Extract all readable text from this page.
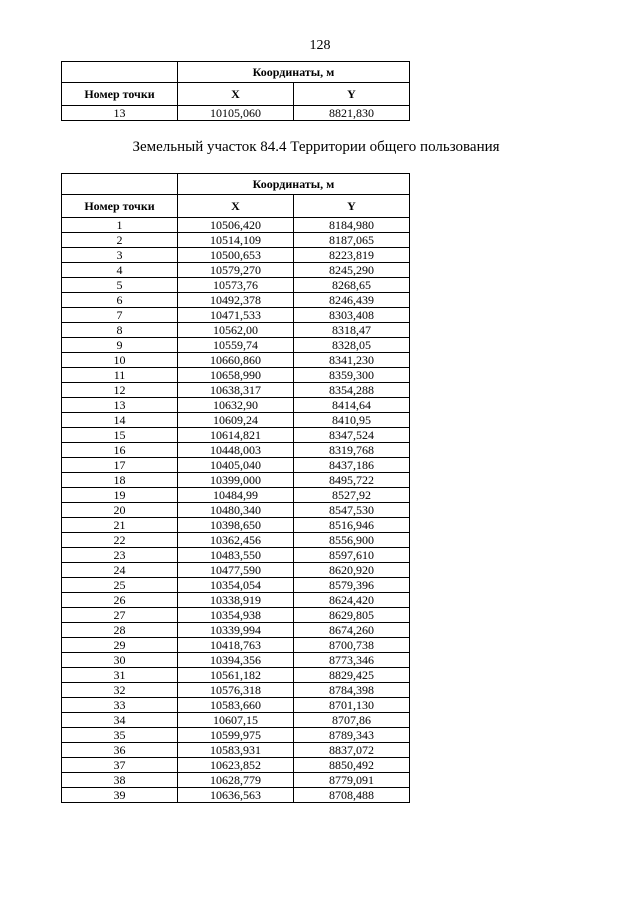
128
	Координаты, м	
Номер точки	X	Y
13	10105,060	8821,830
Земельный участок 84.4 Территории общего пользования
	Координаты, м	
Номер точки	X	Y
1	10506,420	8184,980
2	10514,109	8187,065
3	10500,653	8223,819
4	10579,270	8245,290
5	10573,76	8268,65
6	10492,378	8246,439
7	10471,533	8303,408
8	10562,00	8318,47
9	10559,74	8328,05
10	10660,860	8341,230
11	10658,990	8359,300
12	10638,317	8354,288
13	10632,90	8414,64
14	10609,24	8410,95
15	10614,821	8347,524
16	10448,003	8319,768
17	10405,040	8437,186
18	10399,000	8495,722
19	10484,99	8527,92
20	10480,340	8547,530
21	10398,650	8516,946
22	10362,456	8556,900
23	10483,550	8597,610
24	10477,590	8620,920
25	10354,054	8579,396
26	10338,919	8624,420
27	10354,938	8629,805
28	10339,994	8674,260
29	10418,763	8700,738
30	10394,356	8773,346
31	10561,182	8829,425
32	10576,318	8784,398
33	10583,660	8701,130
34	10607,15	8707,86
35	10599,975	8789,343
36	10583,931	8837,072
37	10623,852	8850,492
38	10628,779	8779,091
39	10636,563	8708,488
